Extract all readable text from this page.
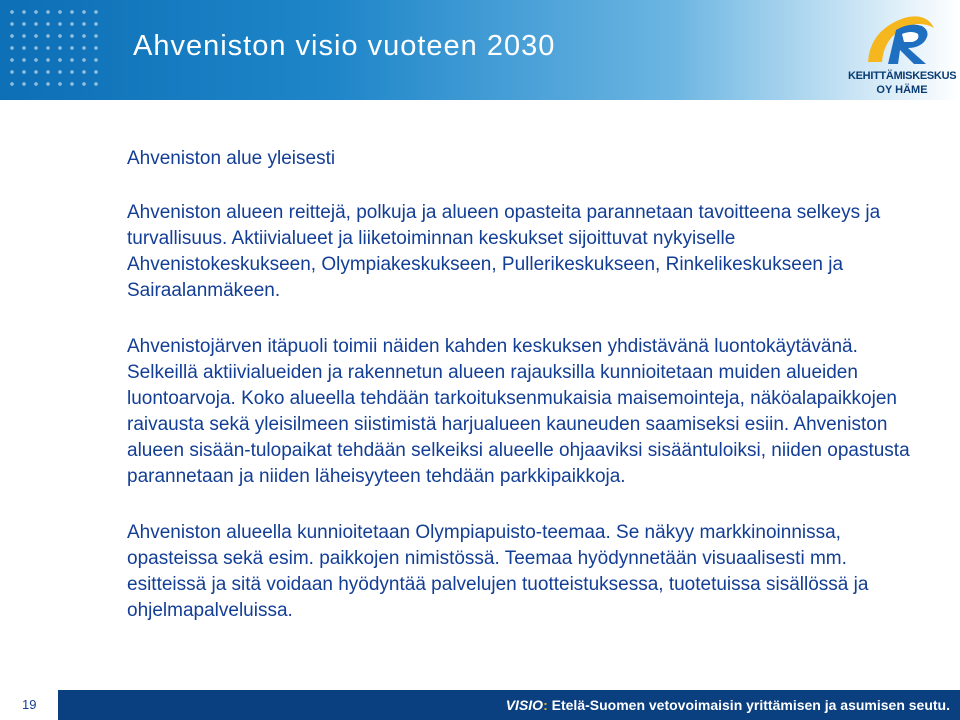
Ahveniston visio vuoteen 2030
KEHITTÄMISKESKUS
OY HÄME
Ahveniston alue yleisesti

Ahveniston alueen reittejä, polkuja ja alueen opasteita parannetaan tavoitteena selkeys ja turvallisuus. Aktiivialueet ja liiketoiminnan keskukset sijoittuvat nykyiselle Ahvenistokeskukseen, Olympiakeskukseen, Pullerikeskukseen, Rinkelikeskukseen ja Sairaalanmäkeen.

Ahvenistojärven itäpuoli toimii näiden kahden keskuksen yhdistävänä luontokäytävänä. Selkeillä aktiivialueiden ja rakennetun alueen rajauksilla kunnioitetaan muiden alueiden luontoarvoja. Koko alueella tehdään tarkoituksenmukaisia maisemointeja, näköalapaikkojen raivausta sekä yleisilmeen siistimistä harjualueen kauneuden saamiseksi esiin. Ahveniston alueen sisään-tulopaikat tehdään selkeiksi alueelle ohjaaviksi sisääntuloiksi, niiden opastusta parannetaan ja niiden läheisyyteen tehdään parkkipaikkoja.

Ahveniston alueella kunnioitetaan Olympiapuisto-teemaa. Se näkyy markkinoinnissa, opasteissa sekä esim. paikkojen nimistössä. Teemaa hyödynnetään visuaalisesti mm. esitteissä ja sitä voidaan hyödyntää palvelujen tuotteistuksessa, tuotetuissa sisällössä ja ohjelmapalveluissa.

19	VISIO: Etelä-Suomen vetovoimaisin yrittämisen ja asumisen seutu.
